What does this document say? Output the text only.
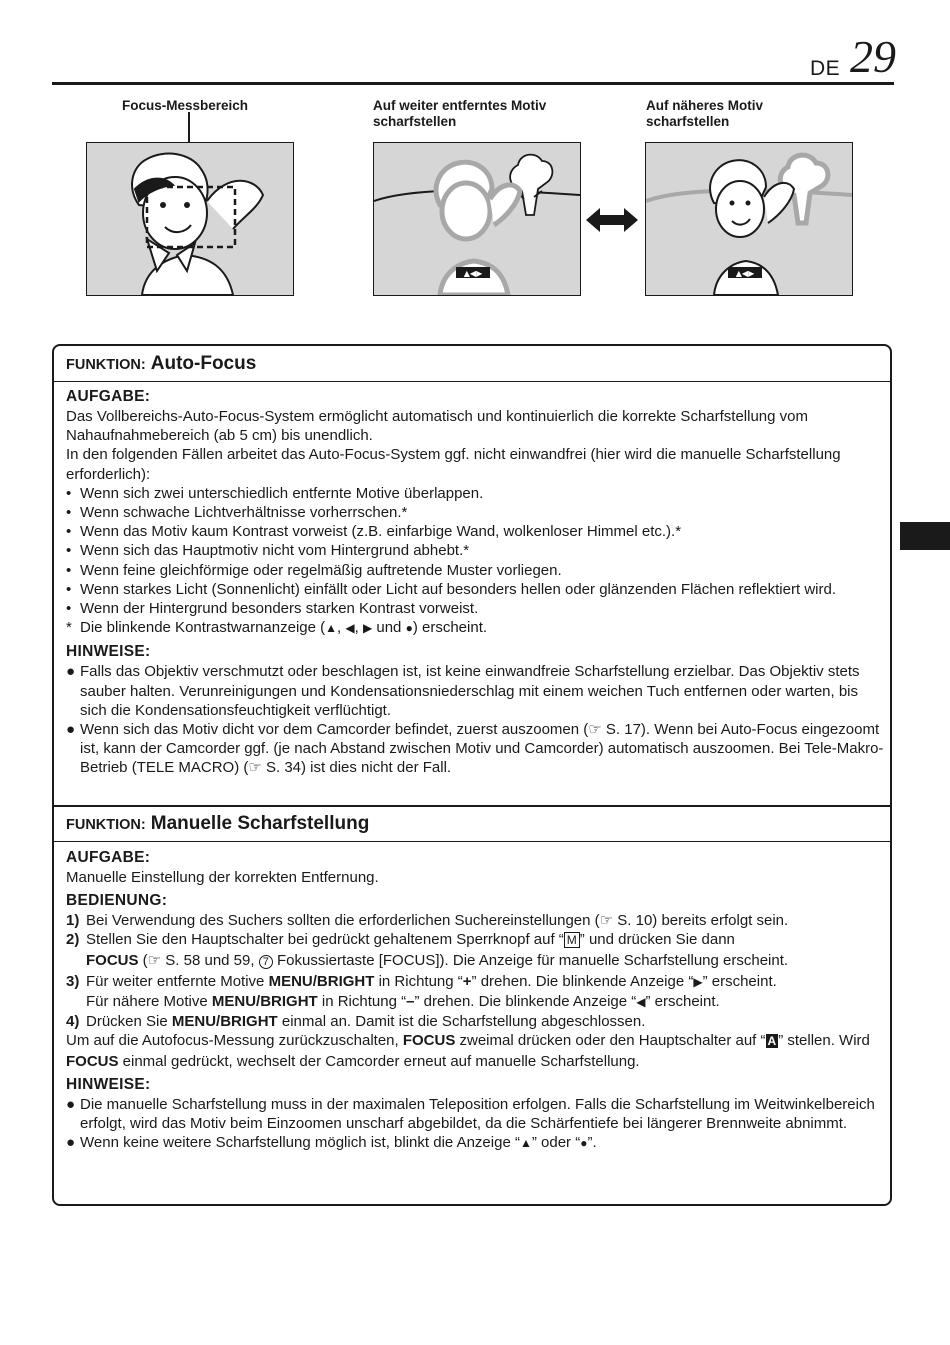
DE 29
Focus-Messbereich	Auf weiter entferntes Motiv
scharfstellen
Auf näheres Motiv
scharfstellen
▲◀▶	▲◀▶
FUNKTION: Auto-Focus
AUFGABE:

Das Vollbereichs-Auto-Focus-System ermöglicht automatisch und kontinuierlich die korrekte Scharfstellung vom Nahaufnahmebereich (ab 5 cm) bis unendlich.

In den folgenden Fällen arbeitet das Auto-Focus-System ggf. nicht einwandfrei (hier wird die manuelle Scharfstellung erforderlich):

• Wenn sich zwei unterschiedlich entfernte Motive überlappen.
• Wenn schwache Lichtverhältnisse vorherrschen.*
• Wenn das Motiv kaum Kontrast vorweist (z.B. einfarbige Wand, wolkenloser Himmel etc.).*
• Wenn sich das Hauptmotiv nicht vom Hintergrund abhebt.*
• Wenn feine gleichförmige oder regelmäßig auftretende Muster vorliegen.
• Wenn starkes Licht (Sonnenlicht) einfällt oder Licht auf besonders hellen oder glänzenden Flächen reflektiert wird.
• Wenn der Hintergrund besonders starken Kontrast vorweist.
* Die blinkende Kontrastwarnanzeige (▲, ◀, ▶ und ●) erscheint.
HINWEISE:
● Falls das Objektiv verschmutzt oder beschlagen ist, ist keine einwandfreie Scharfstellung erzielbar. Das Objektiv stets sauber halten. Verunreinigungen und Kondensationsniederschlag mit einem weichen Tuch entfernen oder warten, bis sich die Kondensationsfeuchtigkeit verflüchtigt.
● Wenn sich das Motiv dicht vor dem Camcorder befindet, zuerst auszoomen (☞ S. 17). Wenn bei Auto-Focus eingezoomt ist, kann der Camcorder ggf. (je nach Abstand zwischen Motiv und Camcorder) automatisch auszoomen. Bei Tele-Makro-Betrieb (TELE MACRO) (☞ S. 34) ist dies nicht der Fall.
FUNKTION: Manuelle Scharfstellung
AUFGABE:

Manuelle Einstellung der korrekten Entfernung.

BEDIENUNG:
1) Bei Verwendung des Suchers sollten die erforderlichen Suchereinstellungen (☞ S. 10) bereits erfolgt sein.
2) Stellen Sie den Hauptschalter bei gedrückt gehaltenem Sperrknopf auf “ M ” und drücken Sie dann
FOCUS (☞ S. 58 und 59, 7 Fokussiertaste [FOCUS]). Die Anzeige für manuelle Scharfstellung erscheint.
3) Für weiter entfernte Motive MENU/BRIGHT in Richtung “+” drehen. Die blinkende Anzeige “▶” erscheint.
Für nähere Motive MENU/BRIGHT in Richtung “–” drehen. Die blinkende Anzeige “◀” erscheint.
4) Drücken Sie MENU/BRIGHT einmal an. Damit ist die Scharfstellung abgeschlossen.

Um auf die Autofocus-Messung zurückzuschalten, FOCUS zweimal drücken oder den Hauptschalter auf “ A ” stellen. Wird FOCUS einmal gedrückt, wechselt der Camcorder erneut auf manuelle Scharfstellung.

HINWEISE:
● Die manuelle Scharfstellung muss in der maximalen Teleposition erfolgen. Falls die Scharfstellung im Weitwinkelbereich erfolgt, wird das Motiv beim Einzoomen unscharf abgebildet, da die Schärfentiefe bei längerer Brennweite abnimmt.
● Wenn keine weitere Scharfstellung möglich ist, blinkt die Anzeige “▲” oder “●”.
